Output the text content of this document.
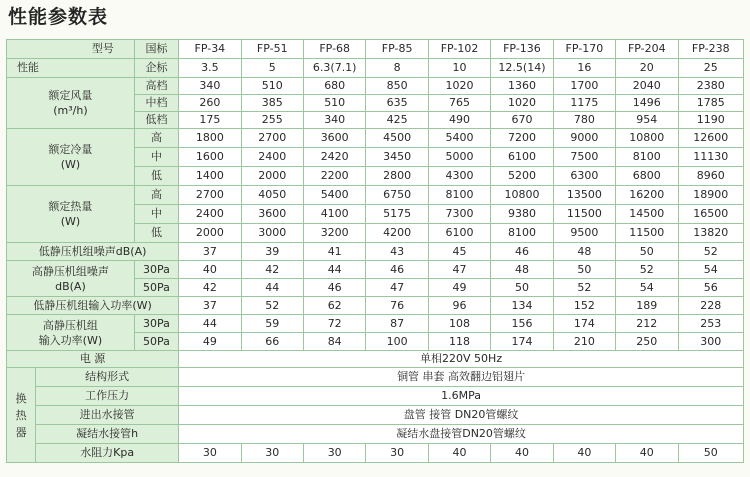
性能参数表
型号		国标	FP-34	FP-51	FP-68	FP-85	FP-102	FP-136	FP-170	FP-204	FP-238
性能		企标	3.5	5	6.3(7.1)	8	10	12.5(14)	16	20	25

额定风量
(m³/h)		高档	340	510	680	850	1020	1360	1700	2040	2380
		中档	260	385	510	635	765	1020	1175	1496	1785
		低档	175	255	340	425	490	670	780	954	1190

额定冷量
(W)		高	1800	2700	3600	4500	5400	7200	9000	10800	12600
		中	1600	2400	2420	3450	5000	6100	7500	8100	11130
		低	1400	2000	2200	2800	4300	5200	6300	6800	8960

额定热量
(W)		高	2700	4050	5400	6750	8100	10800	13500	16200	18900
		中	2400	3600	4100	5175	7300	9380	11500	14500	16500
		低	2000	3000	3200	4200	6100	8100	9500	11500	13820
低静压机组噪声dB(A)			37	39	41	43	45	46	48	50	52

高静压机组噪声
dB(A)		30Pa	40	42	44	46	47	48	50	52	54
		50Pa	42	44	46	47	49	50	52	54	56
低静压机组输入功率(W)			37	52	62	76	96	134	152	189	228

高静压机组
输入功率(W)		30Pa	44	59	72	87	108	156	174	212	253
		50Pa	49	66	84	100	118	174	210	250	300
电 源			单相220V 50Hz								
换热器	结构形式		铜管 串套 高效翻边铝翅片								
	工作压力		1.6MPa								
	进出水接管		盘管 接管 DN20管螺纹								
	凝结水接管h		凝结水盘接管DN20管螺纹								
	水阻力Kpa		30	30	30	30	40	40	40	40	50
